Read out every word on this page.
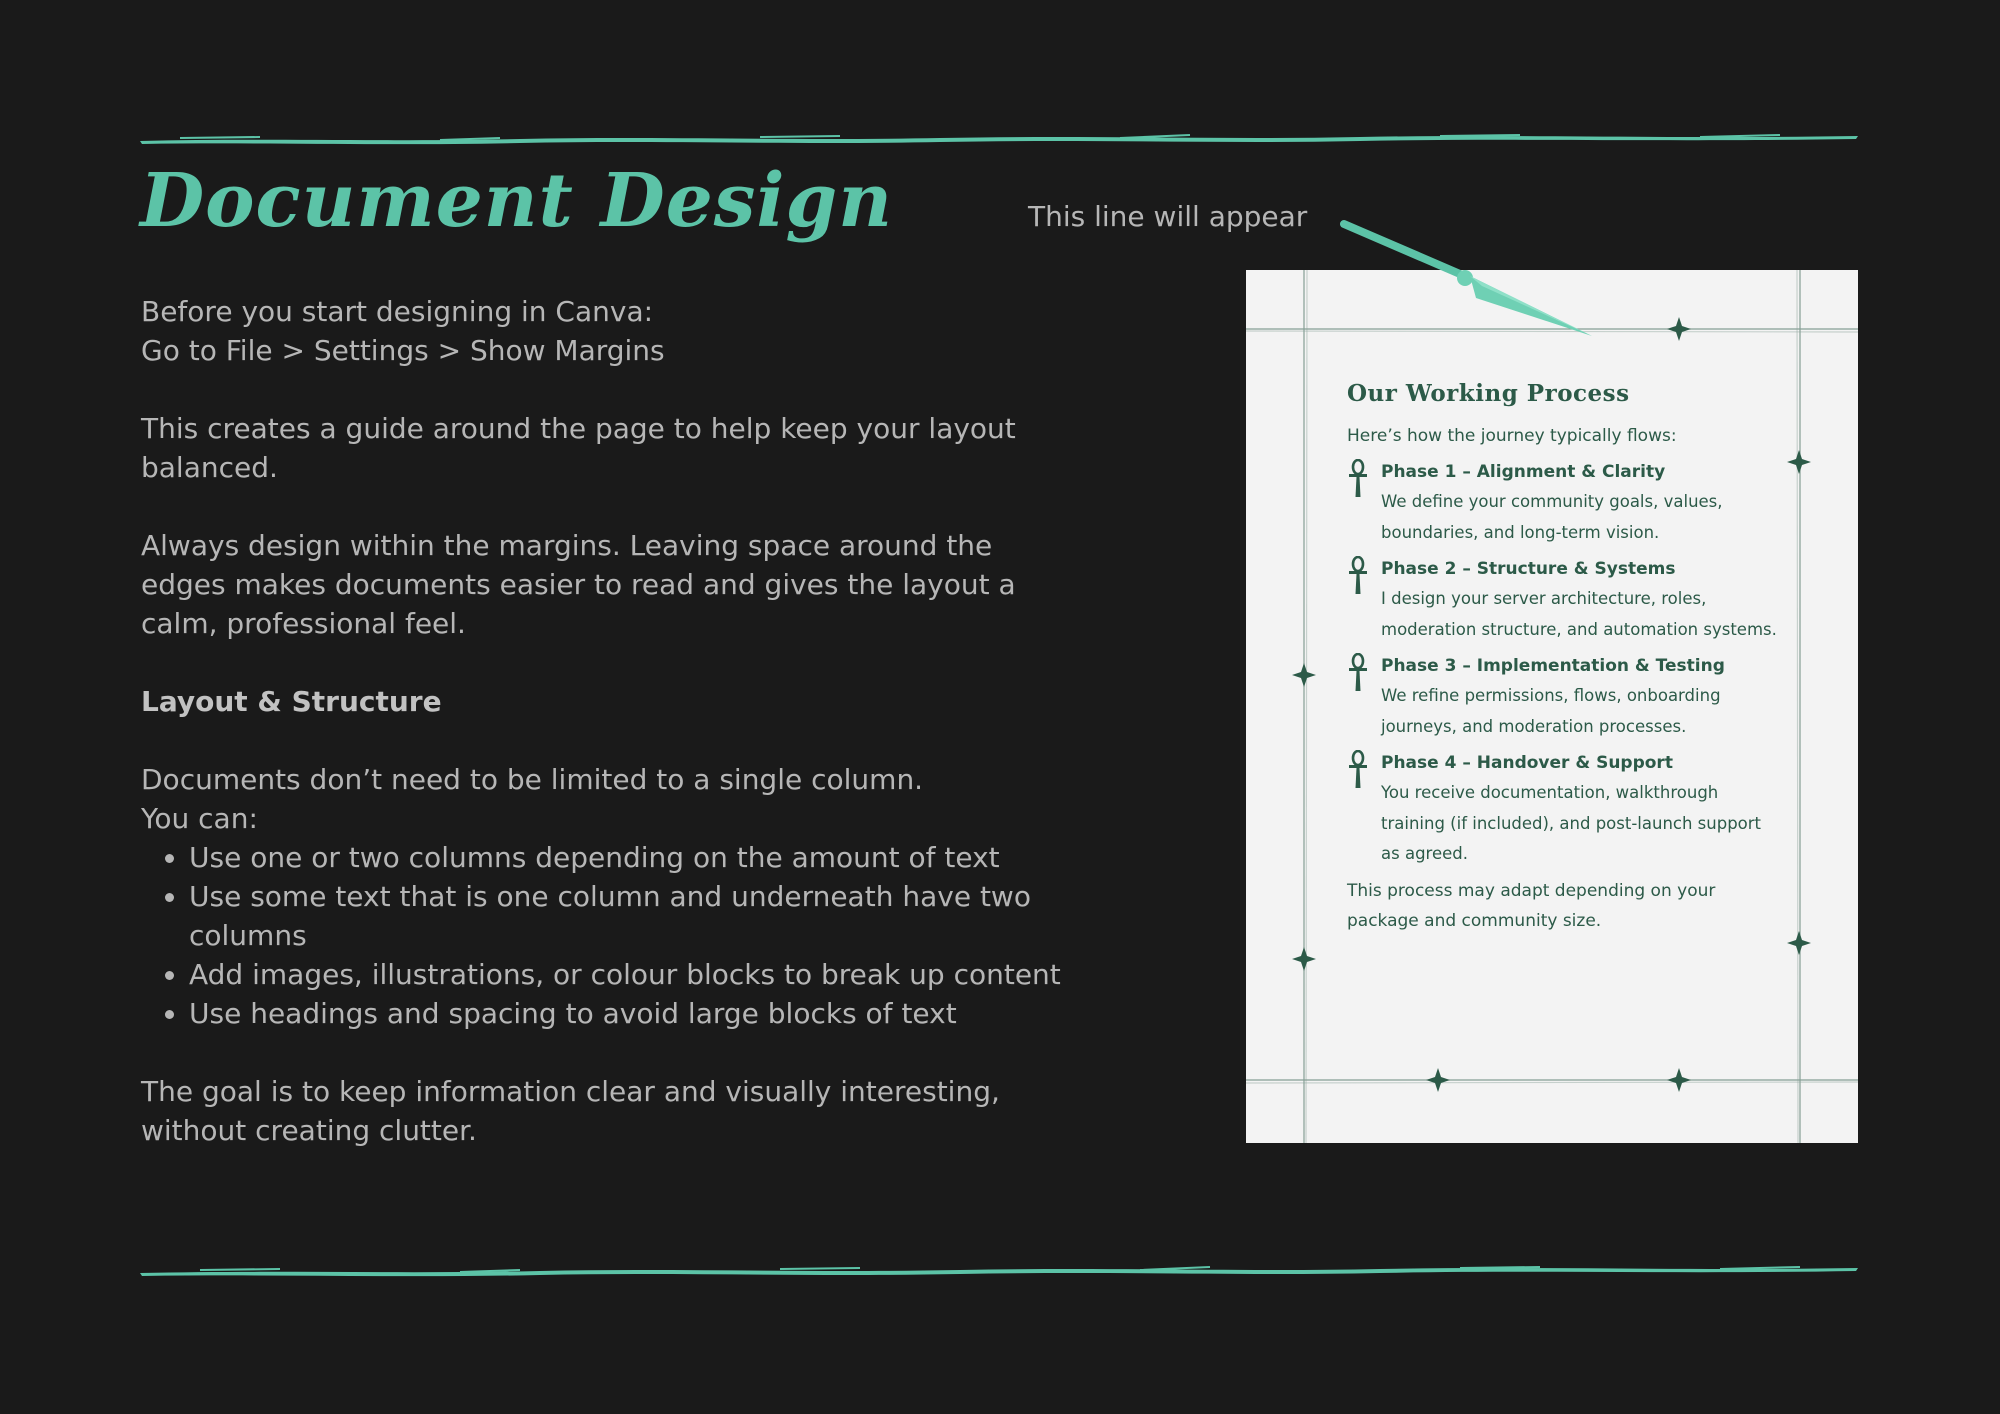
Document Design	This line will appear

Before you start designing in Canva:
Go to File > Settings > Show Margins

This creates a guide around the page to help keep your layout balanced.

Always design within the margins. Leaving space around the edges makes documents easier to read and gives the layout a calm, professional feel.

Layout & Structure

Documents don’t need to be limited to a single column.
You can:

• Use one or two columns depending on the amount of text
• Use some text that is one column and underneath have two columns
• Add images, illustrations, or colour blocks to break up content
• Use headings and spacing to avoid large blocks of text

The goal is to keep information clear and visually interesting, without creating clutter.

Our Working Process

Here’s how the journey typically flows:

Phase 1 – Alignment & Clarity
We define your community goals, values, boundaries, and long-term vision.
Phase 2 – Structure & Systems
I design your server architecture, roles, moderation structure, and automation systems.
Phase 3 – Implementation & Testing
We refine permissions, flows, onboarding journeys, and moderation processes.
Phase 4 – Handover & Support
You receive documentation, walkthrough training (if included), and post-launch support as agreed.

This process may adapt depending on your package and community size.
